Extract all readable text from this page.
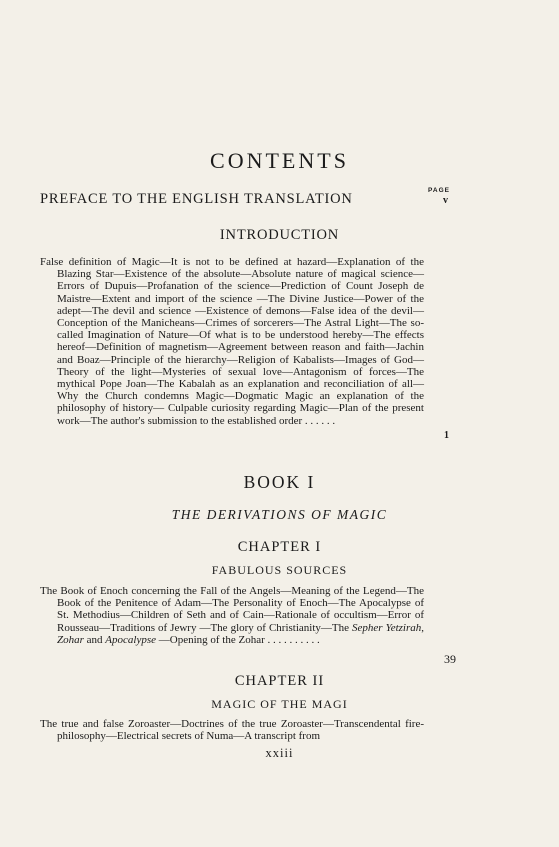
CONTENTS
PAGE
PREFACE TO THE ENGLISH TRANSLATION	v
INTRODUCTION
False definition of Magic—It is not to be defined at hazard—Explanation of the Blazing Star—Existence of the absolute—Absolute nature of magical science—Errors of Dupuis—Profanation of the science—Prediction of Count Joseph de Maistre—Extent and import of the science —The Divine Justice—Power of the adept—The devil and science —Existence of demons—False idea of the devil—Conception of the Manicheans—Crimes of sorcerers—The Astral Light—The so-called Imagination of Nature—Of what is to be understood hereby—The effects hereof—Definition of magnetism—Agreement between reason and faith—Jachin and Boaz—Principle of the hierarchy—Religion of Kabalists—Images of God—Theory of the light—Mysteries of sexual love—Antagonism of forces—The mythical Pope Joan—The Kabalah as an explanation and reconciliation of all—Why the Church condemns Magic—Dogmatic Magic an explanation of the philosophy of history— Culpable curiosity regarding Magic—Plan of the present work—The author's submission to the established order . . . . . .
1
BOOK I
THE DERIVATIONS OF MAGIC
CHAPTER I
FABULOUS SOURCES
The Book of Enoch concerning the Fall of the Angels—Meaning of the Legend—The Book of the Penitence of Adam—The Personality of Enoch—The Apocalypse of St. Methodius—Children of Seth and of Cain—Rationale of occultism—Error of Rousseau—Traditions of Jewry —The glory of Christianity—The Sepher Yetzirah, Zohar and Apocalypse —Opening of the Zohar . . . . . . . . . .
39
CHAPTER II
MAGIC OF THE MAGI
The true and false Zoroaster—Doctrines of the true Zoroaster—Transcendental fire-philosophy—Electrical secrets of Numa—A transcript from
xxiii
